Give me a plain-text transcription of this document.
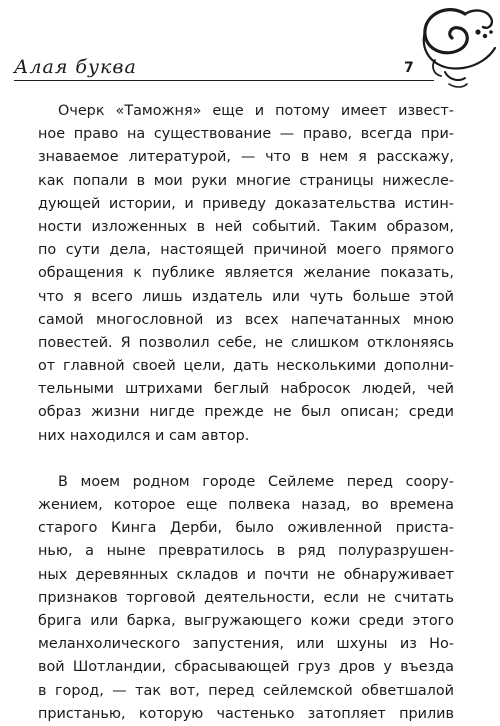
Алая буква	7
Очерк «Таможня» еще и потому имеет извест-
ное право на существование — право, всегда при-
знаваемое литературой, — что в нем я расскажу,
как попали в мои руки многие страницы нижесле-
дующей истории, и приведу доказательства истин-
ности изложенных в ней событий. Таким образом,
по сути дела, настоящей причиной моего прямого
обращения к публике является желание показать,
что я всего лишь издатель или чуть больше этой
самой многословной из всех напечатанных мною
повестей. Я позволил себе, не слишком отклоняясь
от главной своей цели, дать несколькими дополни-
тельными штрихами беглый набросок людей, чей
образ жизни нигде прежде не был описан; среди
них находился и сам автор.
В моем родном городе Сейлеме перед соору-
жением, которое еще полвека назад, во времена
старого Кинга Дерби, было оживленной приста-
нью, а ныне превратилось в ряд полуразрушен-
ных деревянных складов и почти не обнаруживает
признаков торговой деятельности, если не считать
брига или барка, выгружающего кожи среди этого
меланхолического запустения, или шхуны из Но-
вой Шотландии, сбрасывающей груз дров у въезда
в город, — так вот, перед сейлемской обветшалой
пристанью, которую частенько затопляет прилив
